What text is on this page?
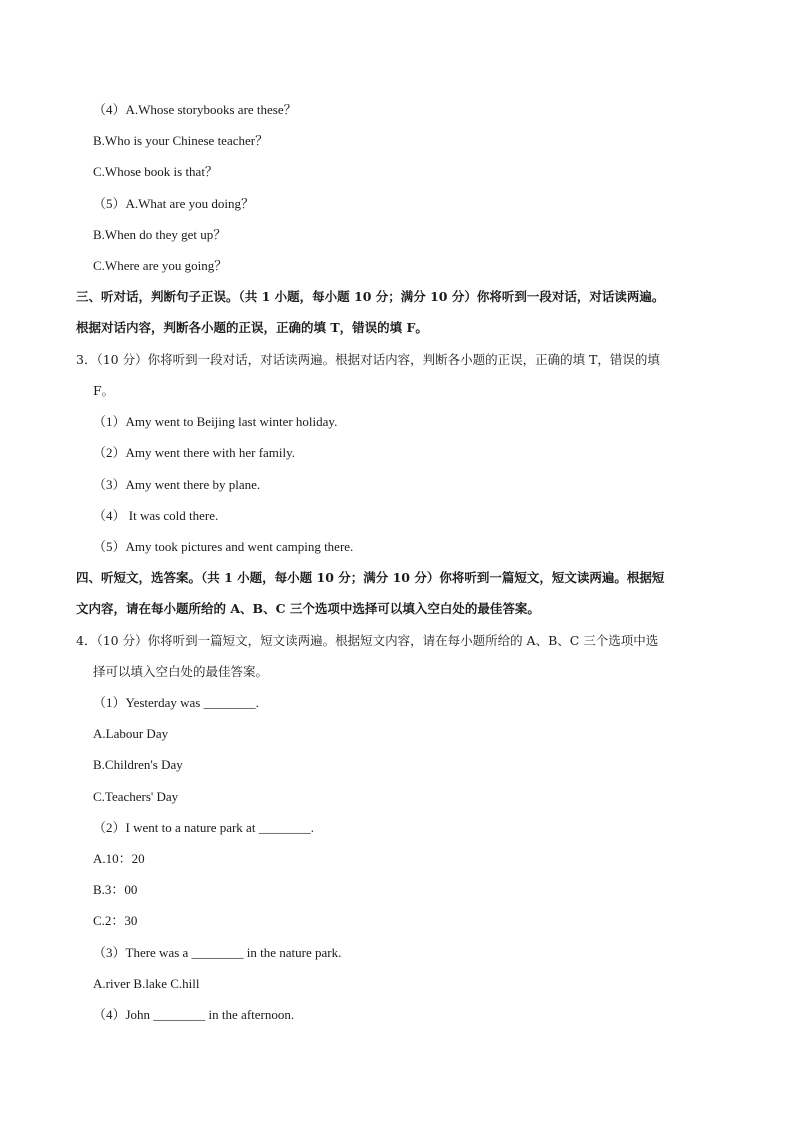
（4）A.Whose storybooks are these？
B.Who is your Chinese teacher？
C.Whose book is that？
（5）A.What are you doing？
B.When do they get up？
C.Where are you going？
三、听对话，判断句子正误。（共 1 小题，每小题 10 分；满分 10 分）你将听到一段对话，对话读两遍。
根据对话内容，判断各小题的正误，正确的填 T，错误的填 F。
3．（10 分）你将听到一段对话，对话读两遍。根据对话内容，判断各小题的正误，正确的填 T，错误的填
F。
（1）Amy went to Beijing last winter holiday.
（2）Amy went there with her family.
（3）Amy went there by plane.
（4） It was cold there.
（5）Amy took pictures and went camping there.
四、听短文，选答案。（共 1 小题，每小题 10 分；满分 10 分）你将听到一篇短文，短文读两遍。根据短
文内容，请在每小题所给的 A、B、C 三个选项中选择可以填入空白处的最佳答案。
4．（10 分）你将听到一篇短文，短文读两遍。根据短文内容，请在每小题所给的 A、B、C 三个选项中选
择可以填入空白处的最佳答案。
（1）Yesterday was ________.
A.Labour Day
B.Children's Day
C.Teachers' Day
（2）I went to a nature park at ________.
A.10：20
B.3：00
C.2：30
（3）There was a ________ in the nature park.
A.river B.lake C.hill
（4）John ________ in the afternoon.
